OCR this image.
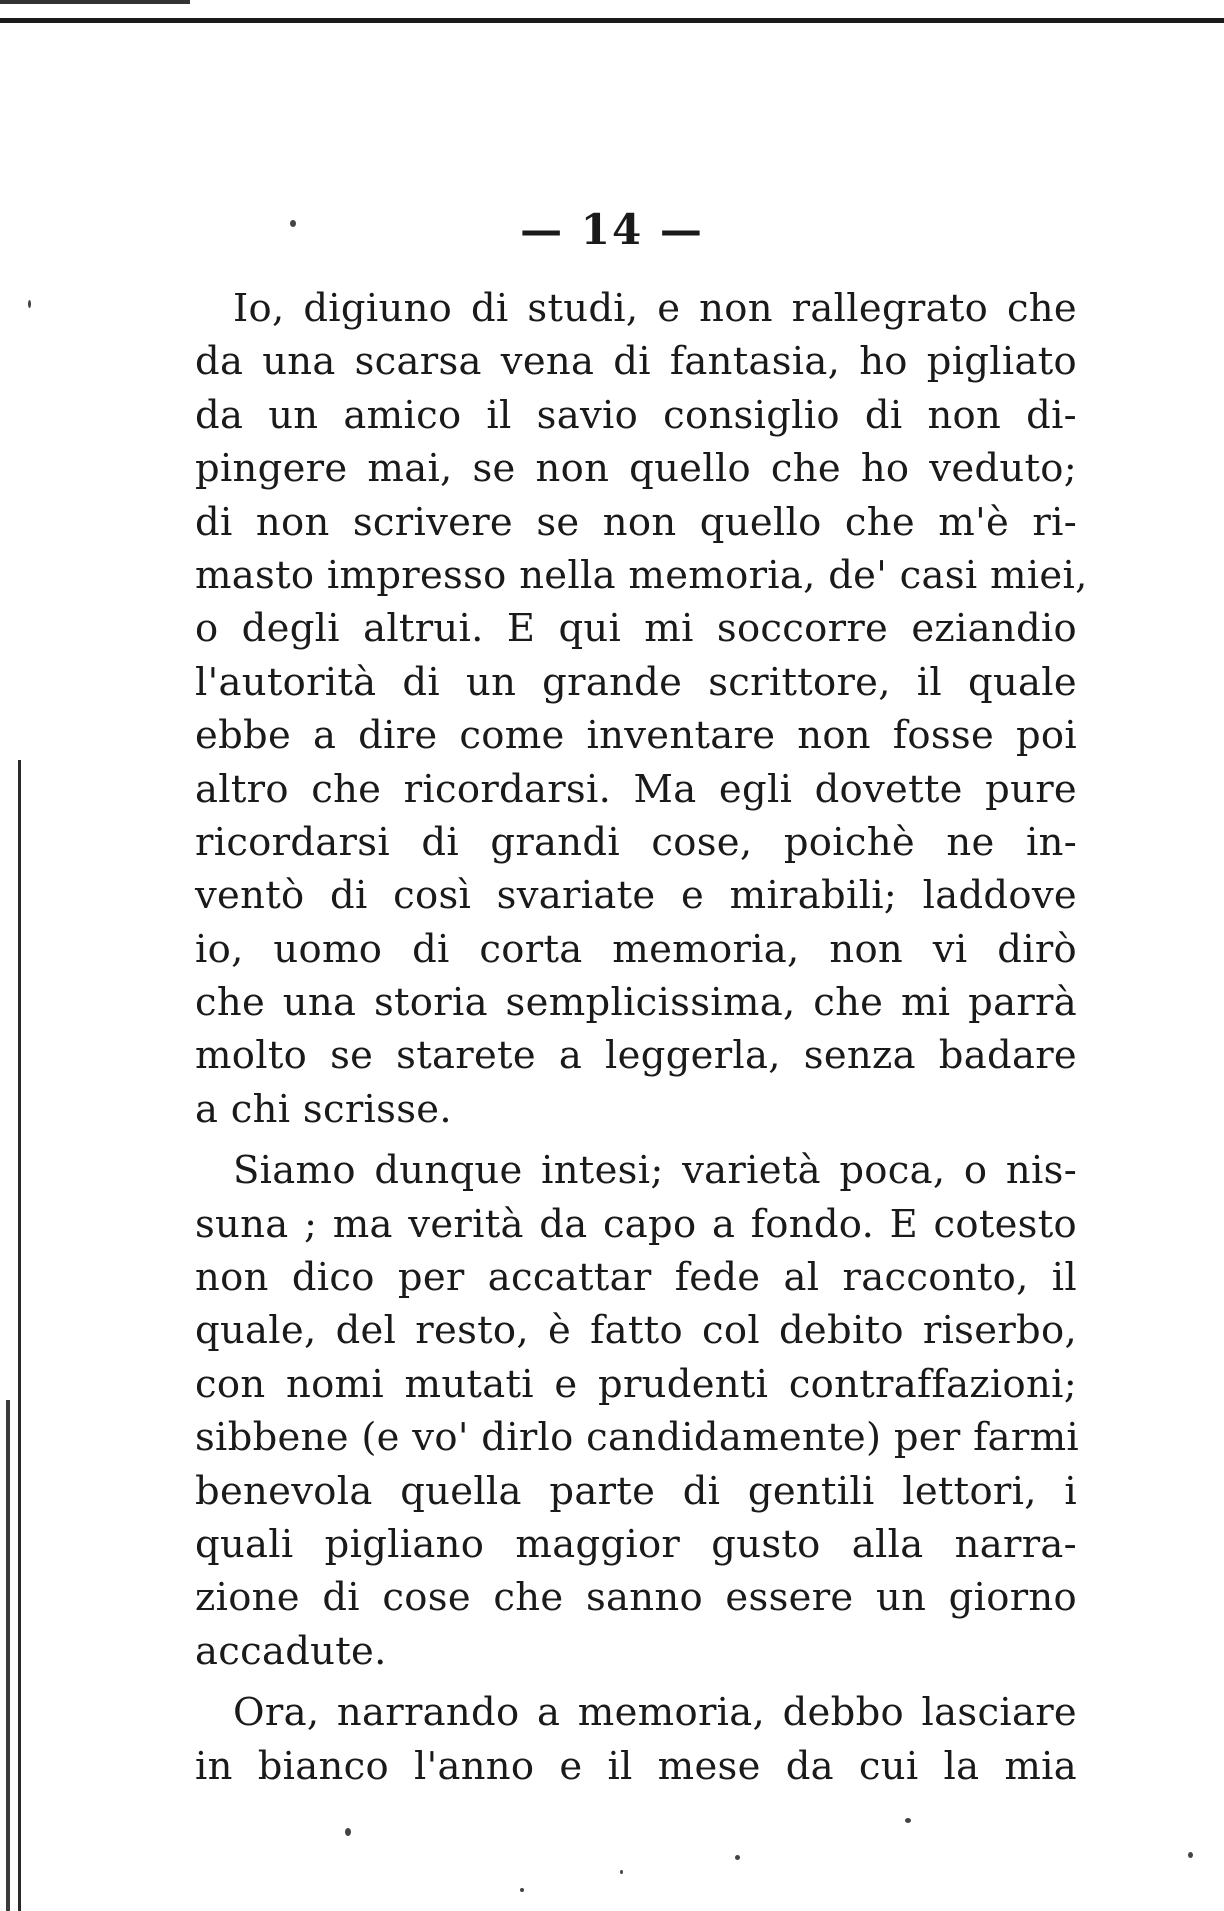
— 14 —
Io, digiuno di studi, e non rallegrato che
da una scarsa vena di fantasia, ho pigliato
da un amico il savio consiglio di non di-
pingere mai, se non quello che ho veduto;
di non scrivere se non quello che m'è ri-
masto impresso nella memoria, de' casi miei,
o degli altrui. E qui mi soccorre eziandio
l'autorità di un grande scrittore, il quale
ebbe a dire come inventare non fosse poi
altro che ricordarsi. Ma egli dovette pure
ricordarsi di grandi cose, poichè ne in-
ventò di così svariate e mirabili; laddove
io, uomo di corta memoria, non vi dirò
che una storia semplicissima, che mi parrà
molto se starete a leggerla, senza badare
a chi scrisse.
Siamo dunque intesi; varietà poca, o nis-
suna ; ma verità da capo a fondo. E cotesto
non dico per accattar fede al racconto, il
quale, del resto, è fatto col debito riserbo,
con nomi mutati e prudenti contraffazioni;
sibbene (e vo' dirlo candidamente) per farmi
benevola quella parte di gentili lettori, i
quali pigliano maggior gusto alla narra-
zione di cose che sanno essere un giorno
accadute.
Ora, narrando a memoria, debbo lasciare
in bianco l'anno e il mese da cui la mia
